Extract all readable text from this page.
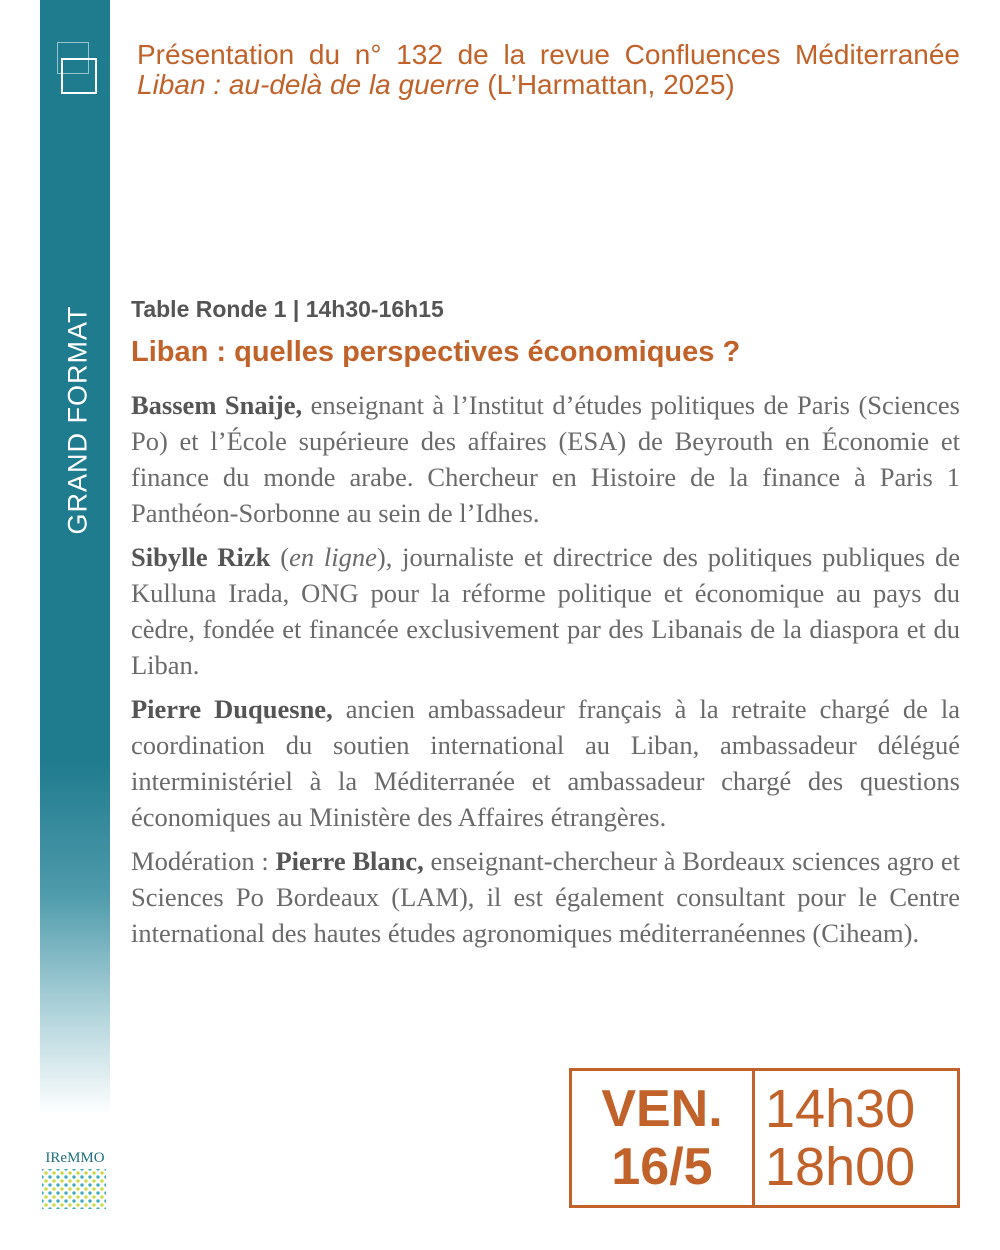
GRAND FORMAT
Présentation du n° 132 de la revue Confluences Méditerranée Liban : au-delà de la guerre (L’Harmattan, 2025)
Table Ronde 1 | 14h30-16h15
Liban : quelles perspectives économiques ?

Bassem Snaije, enseignant à l’Institut d’études politiques de Paris (Sciences Po) et l’École supérieure des affaires (ESA) de Beyrouth en Économie et finance du monde arabe. Chercheur en Histoire de la finance à Paris 1 Panthéon-Sorbonne au sein de l’Idhes.

Sibylle Rizk (en ligne), journaliste et directrice des politiques publiques de Kulluna Irada, ONG pour la réforme politique et économique au pays du cèdre, fondée et financée exclusivement par des Libanais de la diaspora et du Liban.

Pierre Duquesne, ancien ambassadeur français à la retraite chargé de la coordination du soutien international au Liban, ambassadeur délégué interministériel à la Méditerranée et ambassadeur chargé des questions économiques au Ministère des Affaires étrangères.

Modération : Pierre Blanc, enseignant-chercheur à Bordeaux sciences agro et Sciences Po Bordeaux (LAM), il est également consultant pour le Centre international des hautes études agronomiques méditerranéennes (Ciheam).

VEN.
16/5
14h30
18h00
IReMMO
